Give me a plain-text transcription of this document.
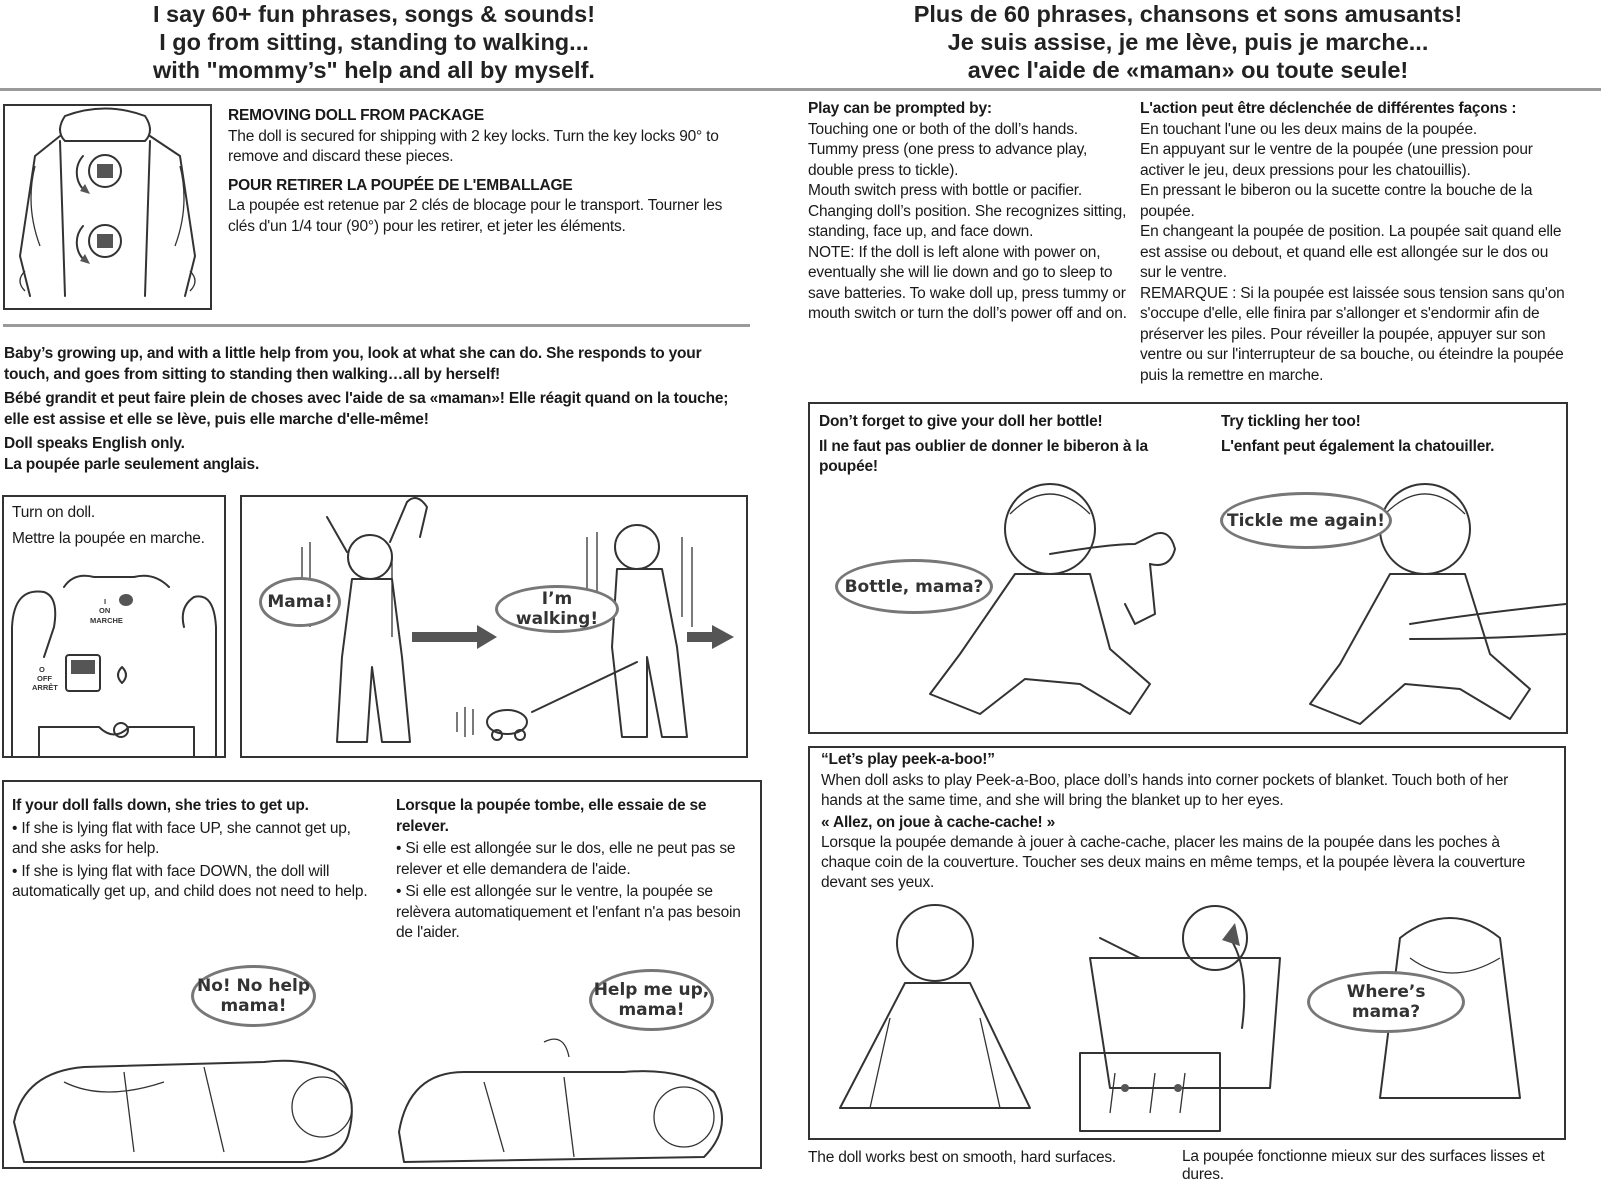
I say 60+ fun phrases, songs & sounds!
I go from sitting, standing to walking...
with "mommy’s" help and all by myself.
Plus de 60 phrases, chansons et sons amusants!
Je suis assise, je me lève, puis je marche...
avec l'aide de «maman» ou toute seule!
REMOVING DOLL FROM PACKAGE
The doll is secured for shipping with 2 key locks. Turn the key locks 90° to remove and discard these pieces.
POUR RETIRER LA POUPÉE DE L'EMBALLAGE
La poupée est retenue par 2 clés de blocage pour le transport. Tourner les clés d'un 1/4 tour (90°) pour les retirer, et jeter les éléments.
Baby’s growing up, and with a little help from you, look at what she can do. She responds to your touch, and goes from sitting to standing then walking…all by herself!
Bébé grandit et peut faire plein de choses avec l'aide de sa «maman»! Elle réagit quand on la touche; elle est assise et elle se lève, puis elle marche d'elle-même!
Doll speaks English only.
La poupée parle seulement anglais.
Turn on doll.
Mettre la poupée en marche.
I
ON
MARCHE
O
OFF
ARRÊT
Mama!	I’m walking!
If your doll falls down, she tries to get up.
• If she is lying flat with face UP, she cannot get up, and she asks for help.
• If she is lying flat with face DOWN, the doll will automatically get up, and child does not need to help.
Lorsque la poupée tombe, elle essaie de se relever.
• Si elle est allongée sur le dos, elle ne peut pas se relever et elle demandera de l'aide.
• Si elle est allongée sur le ventre, la poupée se relèvera automatiquement et l'enfant n'a pas besoin de l'aider.
No! No help mama!
Help me up, mama!
Play can be prompted by:
Touching one or both of the doll’s hands.
Tummy press (one press to advance play, double press to tickle).
Mouth switch press with bottle or pacifier.
Changing doll’s position. She recognizes sitting, standing, face up, and face down.
NOTE: If the doll is left alone with power on, eventually she will lie down and go to sleep to save batteries. To wake doll up, press tummy or mouth switch or turn the doll’s power off and on.
L'action peut être déclenchée de différentes façons :
En touchant l'une ou les deux mains de la poupée.
En appuyant sur le ventre de la poupée (une pression pour activer le jeu, deux pressions pour les chatouillis).
En pressant le biberon ou la sucette contre la bouche de la poupée.
En changeant la poupée de position. La poupée sait quand elle est assise ou debout, et quand elle est allongée sur le dos ou sur le ventre.
REMARQUE : Si la poupée est laissée sous tension sans qu'on s'occupe d'elle, elle finira par s'allonger et s'endormir afin de préserver les piles. Pour réveiller la poupée, appuyer sur son ventre ou sur l'interrupteur de sa bouche, ou éteindre la poupée puis la remettre en marche.
Don’t forget to give your doll her bottle!
Il ne faut pas oublier de donner le biberon à la poupée!
Try tickling her too!
L'enfant peut également la chatouiller.
Bottle, mama?
Tickle me again!
“Let’s play peek-a-boo!”
When doll asks to play Peek-a-Boo, place doll’s hands into corner pockets of blanket. Touch both of her hands at the same time, and she will bring the blanket up to her eyes.
« Allez, on joue à cache-cache! »
Lorsque la poupée demande à jouer à cache-cache, placer les mains de la poupée dans les poches à chaque coin de la couverture. Toucher ses deux mains en même temps, et la poupée lèvera la couverture devant ses yeux.
Where’s mama?
The doll works best on smooth, hard surfaces.	La poupée fonctionne mieux sur des surfaces lisses et dures.
